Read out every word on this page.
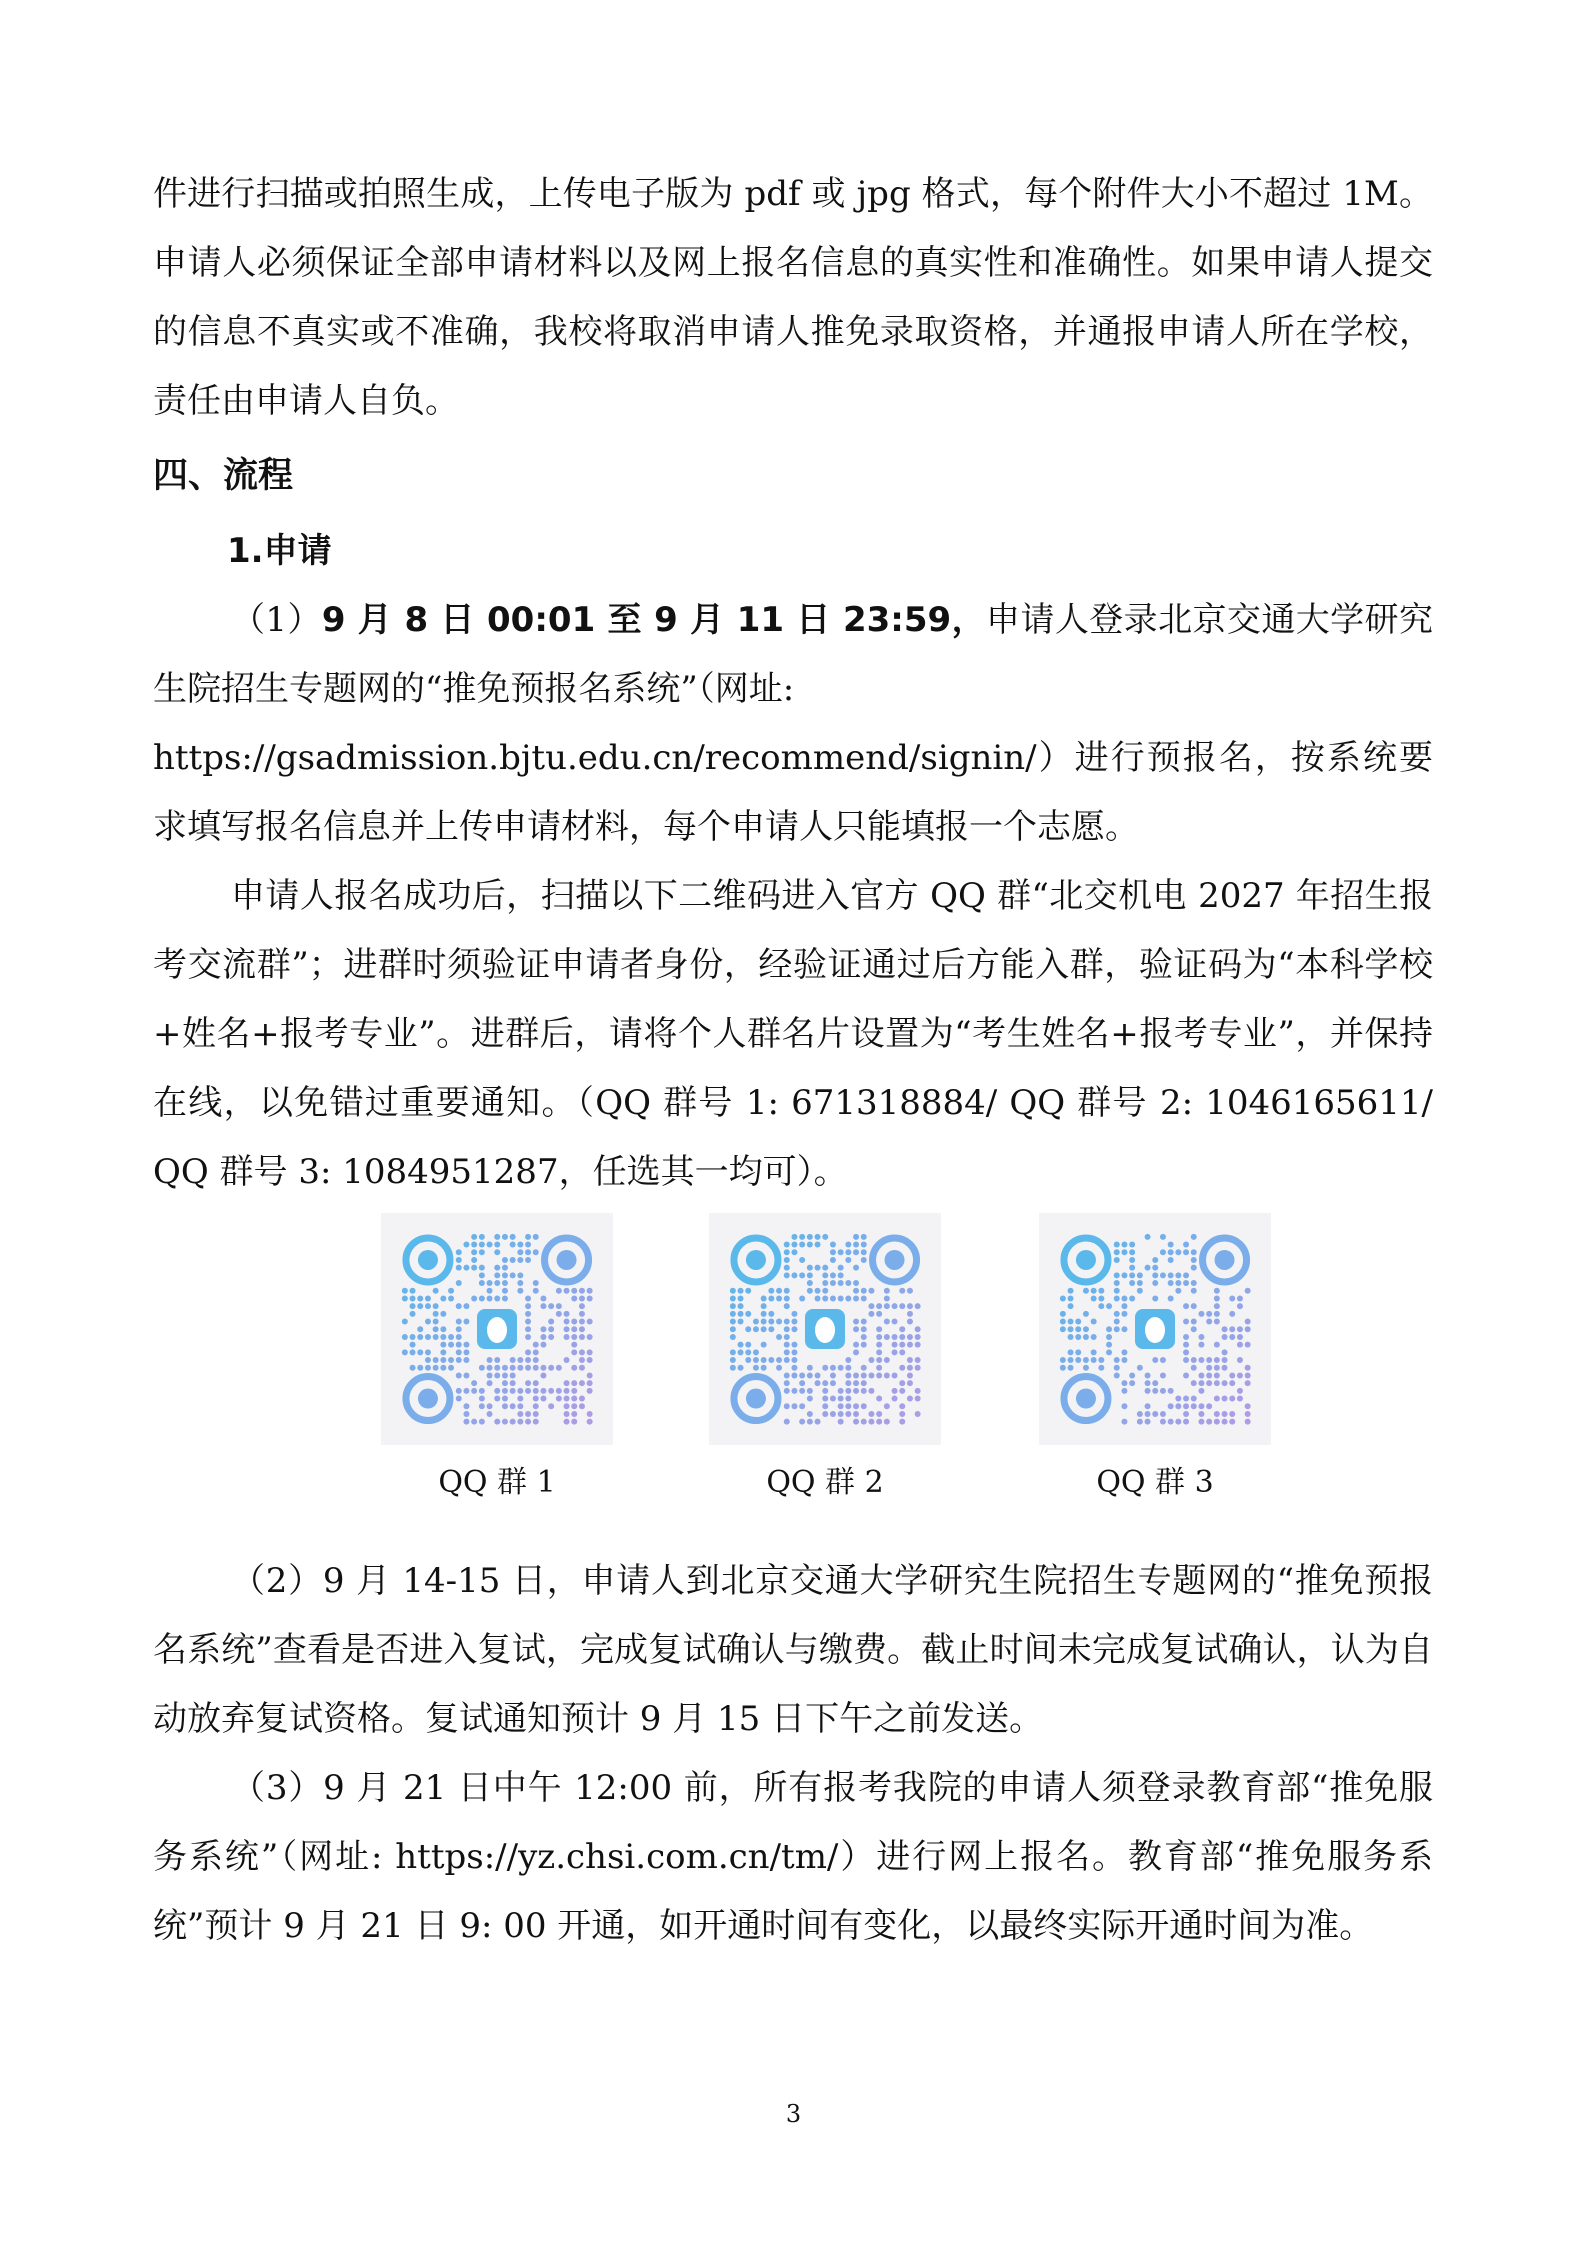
件进行扫描或拍照生成，上传电子版为 pdf 或 jpg 格式，每个附件大小不超过 1M。申请人必须保证全部申请材料以及网上报名信息的真实性和准确性。如果申请人提交的信息不真实或不准确，我校将取消申请人推免录取资格，并通报申请人所在学校，责任由申请人自负。

四、流程
1.申请

（1）9 月 8 日 00:01 至 9 月 11 日 23:59，申请人登录北京交通大学研究生院招生专题网的“推免预报名系统”（网址:
https://gsadmission.bjtu.edu.cn/recommend/signin/）进行预报名，按系统要求填写报名信息并上传申请材料，每个申请人只能填报一个志愿。

申请人报名成功后，扫描以下二维码进入官方 QQ 群“北交机电 2027 年招生报考交流群”；进群时须验证申请者身份，经验证通过后方能入群，验证码为“本科学校+姓名+报考专业”。进群后，请将个人群名片设置为“考生姓名+报考专业”，并保持在线，以免错过重要通知。（QQ 群号 1: 671318884/ QQ 群号 2: 1046165611/ QQ 群号 3: 1084951287，任选其一均可）。

QQ 群 1	QQ 群 2	QQ 群 3

（2）9 月 14-15 日，申请人到北京交通大学研究生院招生专题网的“推免预报名系统”查看是否进入复试，完成复试确认与缴费。截止时间未完成复试确认，认为自动放弃复试资格。复试通知预计 9 月 15 日下午之前发送。

（3）9 月 21 日中午 12:00 前，所有报考我院的申请人须登录教育部“推免服务系统”（网址: https://yz.chsi.com.cn/tm/）进行网上报名。教育部“推免服务系统”预计 9 月 21 日 9: 00 开通，如开通时间有变化，以最终实际开通时间为准。

3
